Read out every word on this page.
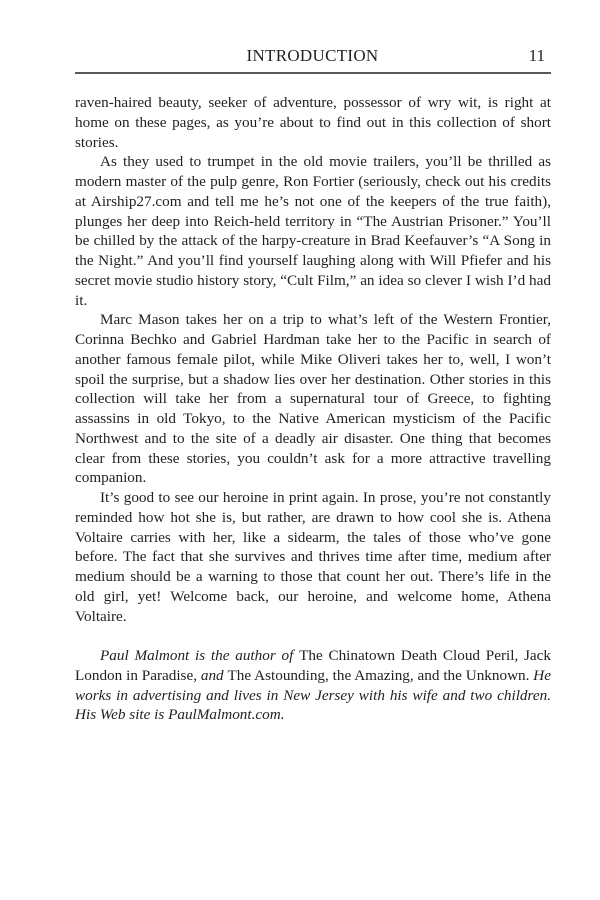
INTRODUCTION	11

raven-haired beauty, seeker of adventure, possessor of wry wit, is right at home on these pages, as you’re about to find out in this collection of short stories.

As they used to trumpet in the old movie trailers, you’ll be thrilled as modern master of the pulp genre, Ron Fortier (seriously, check out his credits at Airship27.com and tell me he’s not one of the keepers of the true faith), plunges her deep into Reich-held territory in “The Austrian Prisoner.” You’ll be chilled by the attack of the harpy-creature in Brad Keefauver’s “A Song in the Night.” And you’ll find yourself laughing along with Will Pfiefer and his secret movie studio history story, “Cult Film,” an idea so clever I wish I’d had it.

Marc Mason takes her on a trip to what’s left of the Western Frontier, Corinna Bechko and Gabriel Hardman take her to the Pacific in search of another famous female pilot, while Mike Oliveri takes her to, well, I won’t spoil the surprise, but a shadow lies over her destination. Other stories in this collection will take her from a supernatural tour of Greece, to fighting assassins in old Tokyo, to the Native American mysticism of the Pacific Northwest and to the site of a deadly air disaster. One thing that becomes clear from these stories, you couldn’t ask for a more attractive travelling companion.

It’s good to see our heroine in print again. In prose, you’re not constantly reminded how hot she is, but rather, are drawn to how cool she is. Athena Voltaire carries with her, like a sidearm, the tales of those who’ve gone before. The fact that she survives and thrives time after time, medium after medium should be a warning to those that count her out. There’s life in the old girl, yet! Welcome back, our heroine, and welcome home, Athena Voltaire.

Paul Malmont is the author of The Chinatown Death Cloud Peril, Jack London in Paradise, and The Astounding, the Amazing, and the Unknown. He works in advertising and lives in New Jersey with his wife and two children. His Web site is PaulMalmont.com.
